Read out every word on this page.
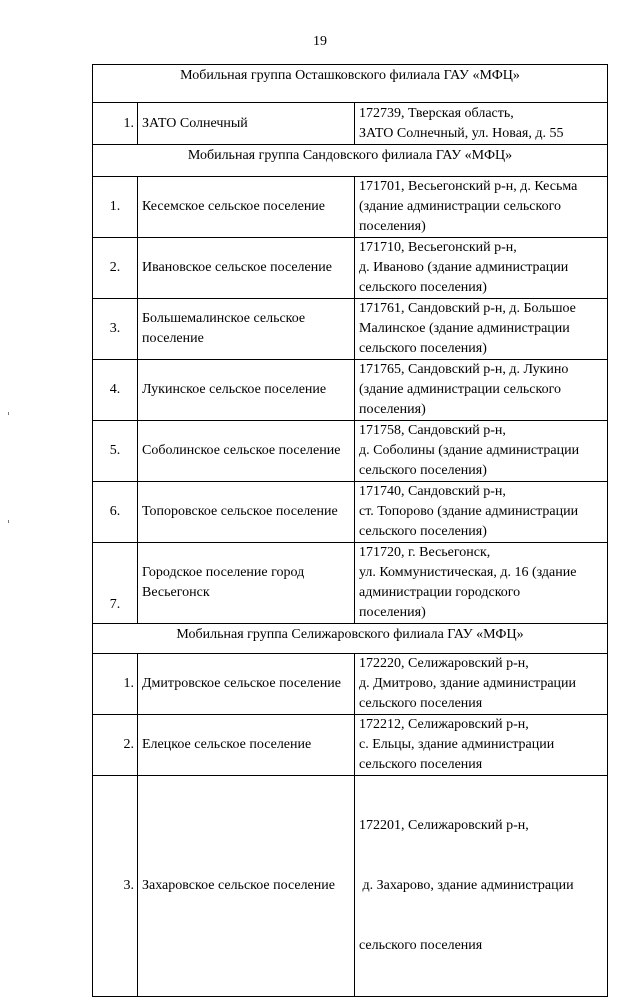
19
Мобильная группа Осташковского филиала ГАУ «МФЦ»		
1.	ЗАТО Солнечный	172739, Тверская область,
ЗАТО Солнечный, ул. Новая, д. 55

Мобильная группа Сандовского филиала ГАУ «МФЦ»		
1.	Кесемское сельское поселение	171701, Весьегонский р-н, д. Кесьма
(здание администрации сельского
поселения)

2.	Ивановское сельское поселение	171710, Весьегонский р-н,
д. Иваново (здание администрации
сельского поселения)

3.	Большемалинское сельское поселение	171761, Сандовский р-н, д. Большое
Малинское (здание администрации
сельского поселения)

4.	Лукинское сельское поселение	171765, Сандовский р-н, д. Лукино
(здание администрации сельского
поселения)

5.	Соболинское сельское поселение	171758, Сандовский р-н,
д. Соболины (здание администрации
сельского поселения)

6.	Топоровское сельское поселение	171740, Сандовский р-н,
ст. Топорово (здание администрации
сельского поселения)

7.	Городское поселение город Весьегонск	171720, г. Весьегонск,
ул. Коммунистическая, д. 16 (здание
администрации городского
поселения)

Мобильная группа Селижаровского филиала ГАУ «МФЦ»		
1.	Дмитровское сельское поселение	172220, Селижаровский р-н,
д. Дмитрово, здание администрации
сельского поселения

2.	Елецкое сельское поселение	172212, Селижаровский р-н,
с. Ельцы, здание администрации
сельского поселения

3.	Захаровское сельское поселение	172201, Селижаровский р-н,

д. Захарово, здание администрации

сельского поселения
